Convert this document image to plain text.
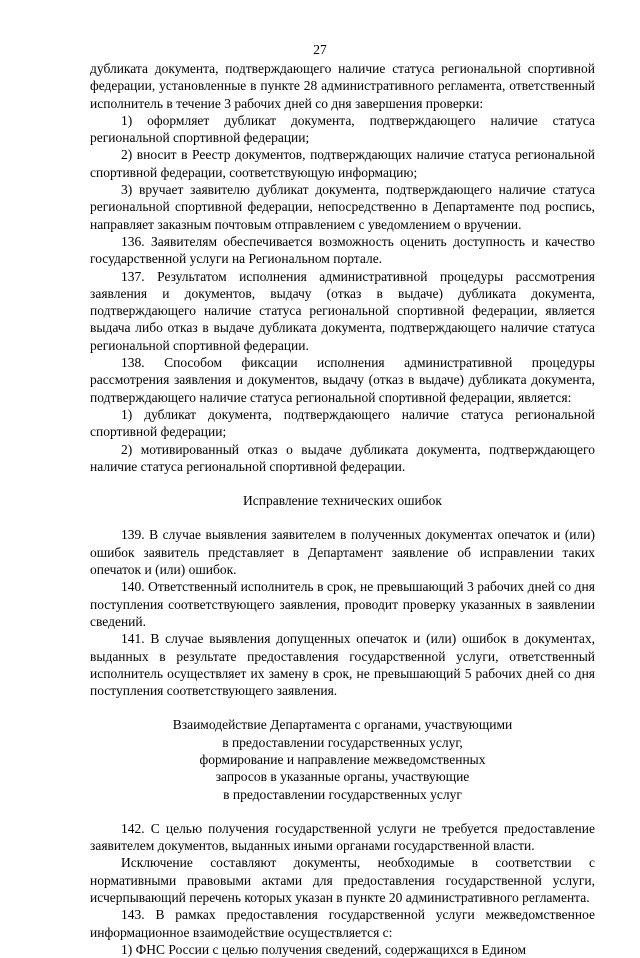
27

дубликата документа, подтверждающего наличие статуса региональной спортивной федерации, установленные в пункте 28 административного регламента, ответственный исполнитель в течение 3 рабочих дней со дня завершения проверки:

1) оформляет дубликат документа, подтверждающего наличие статуса региональной спортивной федерации;

2) вносит в Реестр документов, подтверждающих наличие статуса региональной спортивной федерации, соответствующую информацию;

3) вручает заявителю дубликат документа, подтверждающего наличие статуса региональной спортивной федерации, непосредственно в Департаменте под роспись, направляет заказным почтовым отправлением с уведомлением о вручении.

136. Заявителям обеспечивается возможность оценить доступность и качество государственной услуги на Региональном портале.

137. Результатом исполнения административной процедуры рассмотрения заявления и документов, выдачу (отказ в выдаче) дубликата документа, подтверждающего наличие статуса региональной спортивной федерации, является выдача либо отказ в выдаче дубликата документа, подтверждающего наличие статуса региональной спортивной федерации.

138. Способом фиксации исполнения административной процедуры рассмотрения заявления и документов, выдачу (отказ в выдаче) дубликата документа, подтверждающего наличие статуса региональной спортивной федерации, является:

1) дубликат документа, подтверждающего наличие статуса региональной спортивной федерации;

2) мотивированный отказ о выдаче дубликата документа, подтверждающего наличие статуса региональной спортивной федерации.

Исправление технических ошибок

139. В случае выявления заявителем в полученных документах опечаток и (или) ошибок заявитель представляет в Департамент заявление об исправлении таких опечаток и (или) ошибок.

140. Ответственный исполнитель в срок, не превышающий 3 рабочих дней со дня поступления соответствующего заявления, проводит проверку указанных в заявлении сведений.

141. В случае выявления допущенных опечаток и (или) ошибок в документах, выданных в результате предоставления государственной услуги, ответственный исполнитель осуществляет их замену в срок, не превышающий 5 рабочих дней со дня поступления соответствующего заявления.

Взаимодействие Департамента с органами, участвующими

в предоставлении государственных услуг,

формирование и направление межведомственных

запросов в указанные органы, участвующие

в предоставлении государственных услуг

142. С целью получения государственной услуги не требуется предоставление заявителем документов, выданных иными органами государственной власти.

Исключение составляют документы, необходимые в соответствии с нормативными правовыми актами для предоставления государственной услуги, исчерпывающий перечень которых указан в пункте 20 административного регламента.

143. В рамках предоставления государственной услуги межведомственное информационное взаимодействие осуществляется с:

1) ФНС России с целью получения сведений, содержащихся в Едином
